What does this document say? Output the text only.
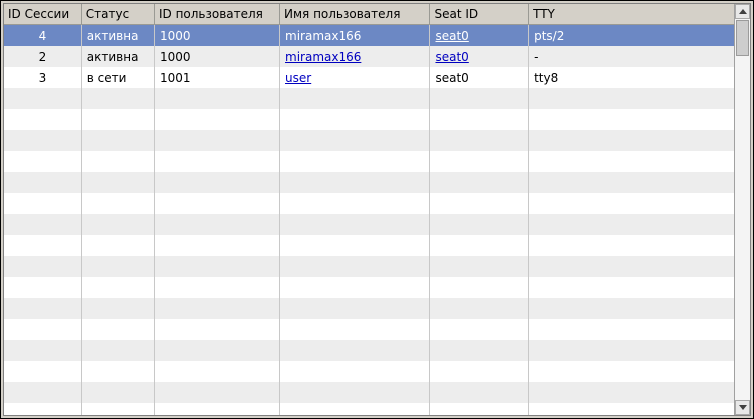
ID Сессии	Статус	ID пользователя	Имя пользователя	Seat ID	TTY
4	активна	1000	miramax166	seat0	pts/2
2	активна	1000	miramax166	seat0	-
3	в сети	1001	user	seat0	tty8
